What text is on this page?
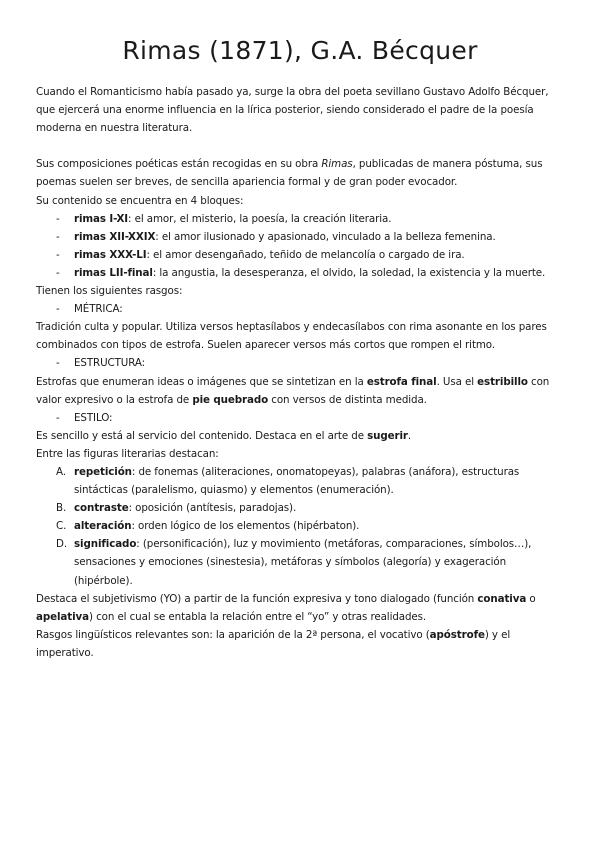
Rimas (1871), G.A. Bécquer

Cuando el Romanticismo había pasado ya, surge la obra del poeta sevillano Gustavo Adolfo Bécquer, que ejercerá una enorme influencia en la lírica posterior, siendo considerado el padre de la poesía moderna en nuestra literatura.

Sus composiciones poéticas están recogidas en su obra Rimas, publicadas de manera póstuma, sus poemas suelen ser breves, de sencilla apariencia formal y de gran poder evocador.

Su contenido se encuentra en 4 bloques:

-	rimas I-XI: el amor, el misterio, la poesía, la creación literaria.
-	rimas XII-XXIX: el amor ilusionado y apasionado, vinculado a la belleza femenina.
-	rimas XXX-LI: el amor desengañado, teñido de melancolía o cargado de ira.
-	rimas LII-final: la angustia, la desesperanza, el olvido, la soledad, la existencia y la muerte.

Tienen los siguientes rasgos:

-	MÉTRICA:

Tradición culta y popular. Utiliza versos heptasílabos y endecasílabos con rima asonante en los pares combinados con tipos de estrofa. Suelen aparecer versos más cortos que rompen el ritmo.

-	ESTRUCTURA:

Estrofas que enumeran ideas o imágenes que se sintetizan en la estrofa final. Usa el estribillo con valor expresivo o la estrofa de pie quebrado con versos de distinta medida.

-	ESTILO:

Es sencillo y está al servicio del contenido. Destaca en el arte de sugerir.

Entre las figuras literarias destacan:

A. repetición: de fonemas (aliteraciones, onomatopeyas), palabras (anáfora), estructuras sintácticas (paralelismo, quiasmo) y elementos (enumeración).
B. contraste: oposición (antítesis, paradojas).
C. alteración: orden lógico de los elementos (hipérbaton).
D. significado: (personificación), luz y movimiento (metáforas, comparaciones, símbolos…), sensaciones y emociones (sinestesia), metáforas y símbolos (alegoría) y exageración (hipérbole).

Destaca el subjetivismo (YO) a partir de la función expresiva y tono dialogado (función conativa o apelativa) con el cual se entabla la relación entre el “yo” y otras realidades.

Rasgos lingüísticos relevantes son: la aparición de la 2ª persona, el vocativo (apóstrofe) y el imperativo.
